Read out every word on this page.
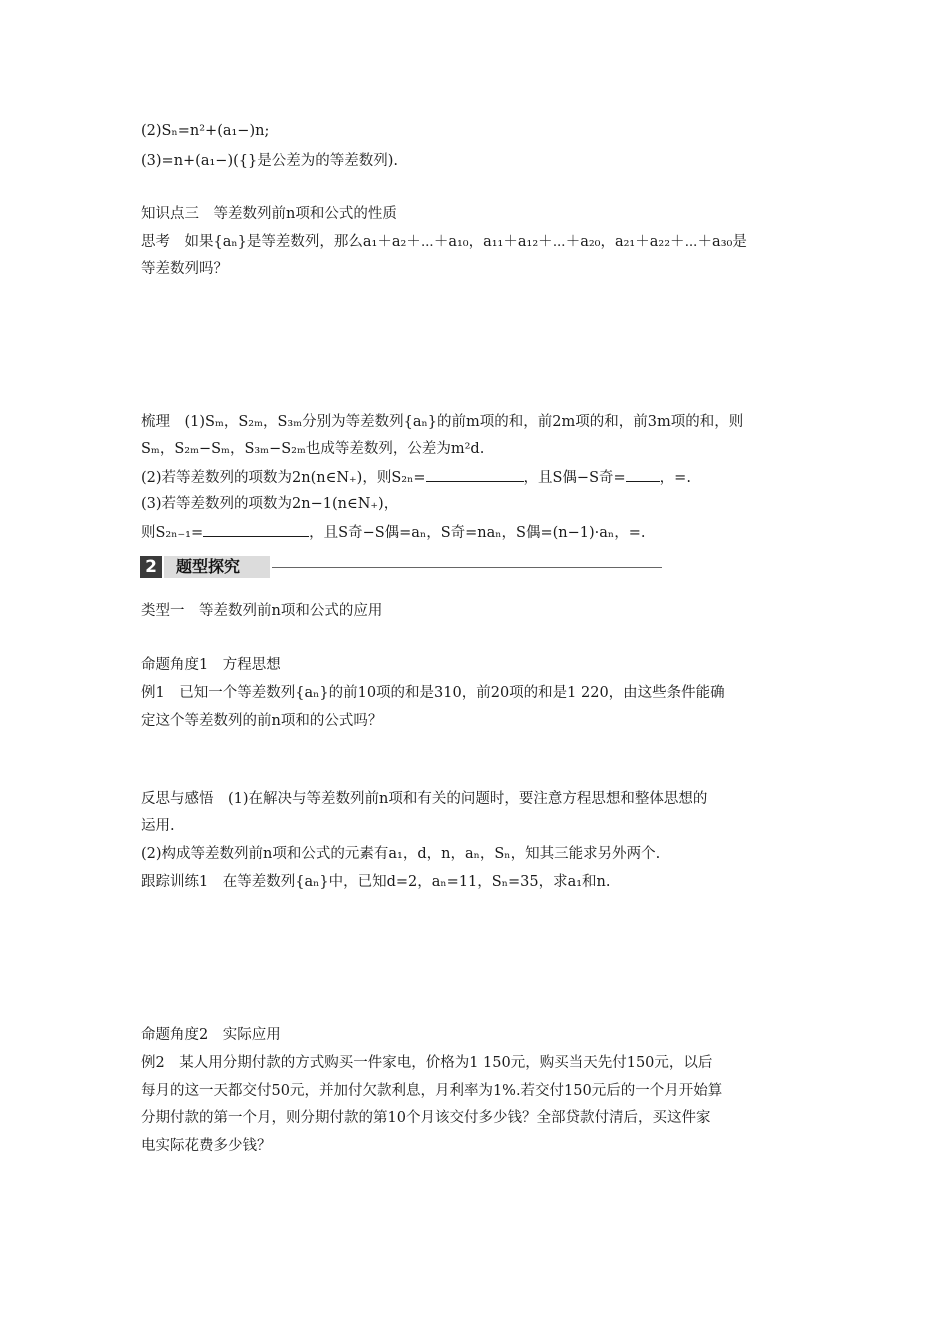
(2)Sₙ=n²+(a₁−)n;
(3)=n+(a₁−)({}是公差为的等差数列).
知识点三　等差数列前n项和公式的性质
思考　如果{aₙ}是等差数列，那么a₁＋a₂＋⋯＋a₁₀，a₁₁＋a₁₂＋⋯＋a₂₀，a₂₁＋a₂₂＋⋯＋a₃₀是
等差数列吗？
梳理　(1)Sₘ，S₂ₘ，S₃ₘ分别为等差数列{aₙ}的前m项的和，前2m项的和，前3m项的和，则
Sₘ，S₂ₘ−Sₘ，S₃ₘ−S₂ₘ也成等差数列，公差为m²d.
(2)若等差数列的项数为2n(n∈N₊)，则S₂ₙ=	，且S偶−S奇= ，=.
(3)若等差数列的项数为2n−1(n∈N₊)，
则S₂ₙ₋₁=	，且S奇−S偶=aₙ，S奇=naₙ，S偶=(n−1)·aₙ，=.
2	题型探究
类型一　等差数列前n项和公式的应用
命题角度1　方程思想
例1　已知一个等差数列{aₙ}的前10项的和是310，前20项的和是1 220，由这些条件能确
定这个等差数列的前n项和的公式吗？
反思与感悟　(1)在解决与等差数列前n项和有关的问题时，要注意方程思想和整体思想的
运用.
(2)构成等差数列前n项和公式的元素有a₁，d，n，aₙ，Sₙ，知其三能求另外两个.
跟踪训练1　在等差数列{aₙ}中，已知d=2，aₙ=11，Sₙ=35，求a₁和n.
命题角度2　实际应用
例2　某人用分期付款的方式购买一件家电，价格为1 150元，购买当天先付150元，以后
每月的这一天都交付50元，并加付欠款利息，月利率为1%.若交付150元后的一个月开始算
分期付款的第一个月，则分期付款的第10个月该交付多少钱？全部贷款付清后，买这件家
电实际花费多少钱？
